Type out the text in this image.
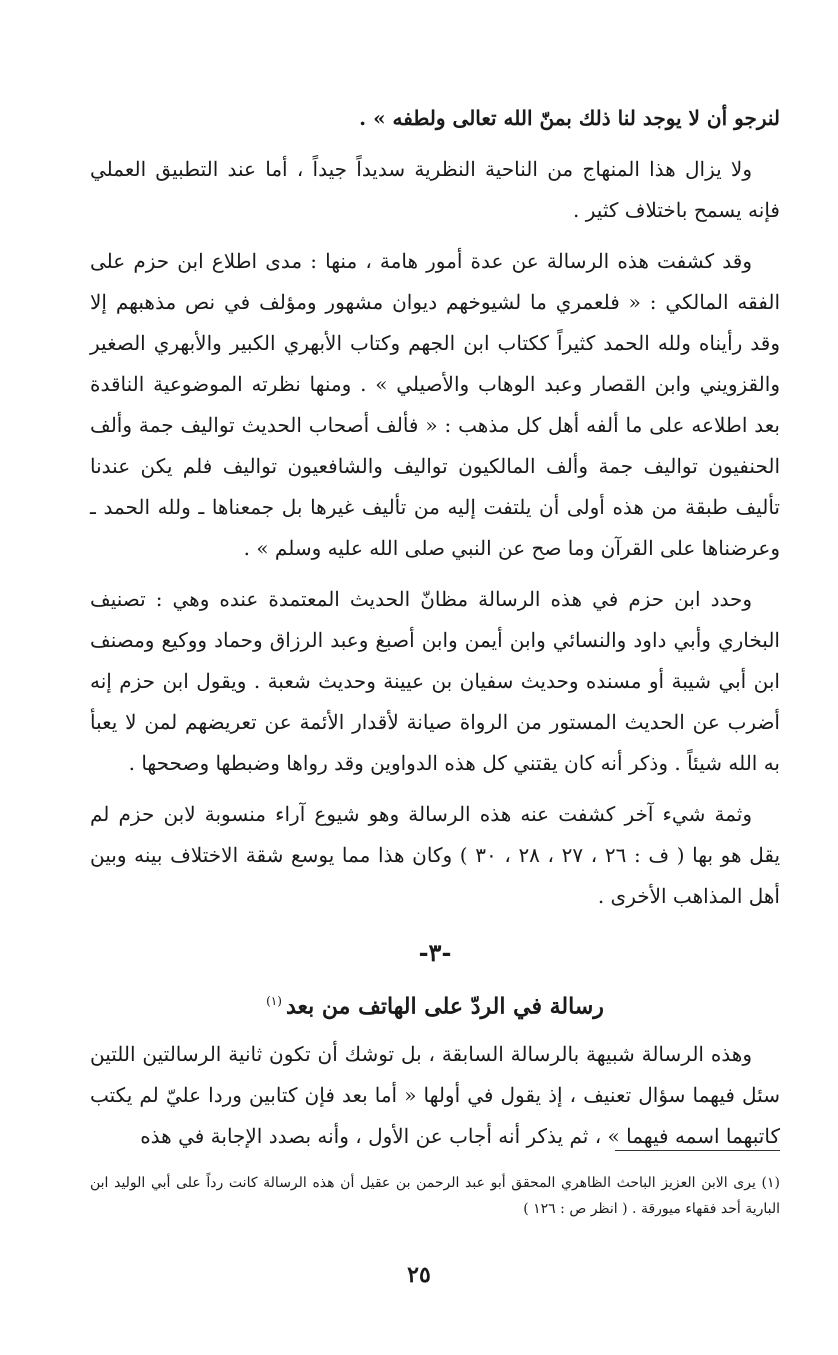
لنرجو أن لا يوجد لنا ذلك بمنّ الله تعالى ولطفه » .

ولا يزال هذا المنهاج من الناحية النظرية سديداً جيداً ، أما عند التطبيق العملي فإنه يسمح باختلاف كثير .

وقد كشفت هذه الرسالة عن عدة أمور هامة ، منها : مدى اطلاع ابن حزم على الفقه المالكي : « فلعمري ما لشيوخهم ديوان مشهور ومؤلف في نص مذهبهم إلا وقد رأيناه ولله الحمد كثيراً ككتاب ابن الجهم وكتاب الأبهري الكبير والأبهري الصغير والقزويني وابن القصار وعبد الوهاب والأصيلي » . ومنها نظرته الموضوعية الناقدة بعد اطلاعه على ما ألفه أهل كل مذهب : « فألف أصحاب الحديث تواليف جمة وألف الحنفيون تواليف جمة وألف المالكيون تواليف والشافعيون تواليف فلم يكن عندنا تأليف طبقة من هذه أولى أن يلتفت إليه من تأليف غيرها بل جمعناها ـ ولله الحمد ـ وعرضناها على القرآن وما صح عن النبي صلى الله عليه وسلم » .

وحدد ابن حزم في هذه الرسالة مظانّ الحديث المعتمدة عنده وهي : تصنيف البخاري وأبي داود والنسائي وابن أيمن وابن أصبغ وعبد الرزاق وحماد ووكيع ومصنف ابن أبي شيبة أو مسنده وحديث سفيان بن عيينة وحديث شعبة . ويقول ابن حزم إنه أضرب عن الحديث المستور من الرواة صيانة لأقدار الأئمة عن تعريضهم لمن لا يعبأ به الله شيئاً . وذكر أنه كان يقتني كل هذه الدواوين وقد رواها وضبطها وصححها .

وثمة شيء آخر كشفت عنه هذه الرسالة وهو شيوع آراء منسوبة لابن حزم لم يقل هو بها ( ف : ٢٦ ، ٢٧ ، ٢٨ ، ٣٠ ) وكان هذا مما يوسع شقة الاختلاف بينه وبين أهل المذاهب الأخرى .

-٣-
رسالة في الردّ على الهاتف من بعد$^{(١)}$

وهذه الرسالة شبيهة بالرسالة السابقة ، بل توشك أن تكون ثانية الرسالتين اللتين سئل فيهما سؤال تعنيف ، إذ يقول في أولها « أما بعد فإن كتابين وردا عليّ لم يكتب كاتبهما اسمه فيهما » ، ثم يذكر أنه أجاب عن الأول ، وأنه بصدد الإجابة في هذه

(١) يرى الابن العزيز الباحث الظاهري المحقق أبو عبد الرحمن بن عقيل أن هذه الرسالة كانت رداً على أبي الوليد ابن البارية أحد فقهاء ميورقة . ( انظر ص : ١٢٦ )

٢٥
